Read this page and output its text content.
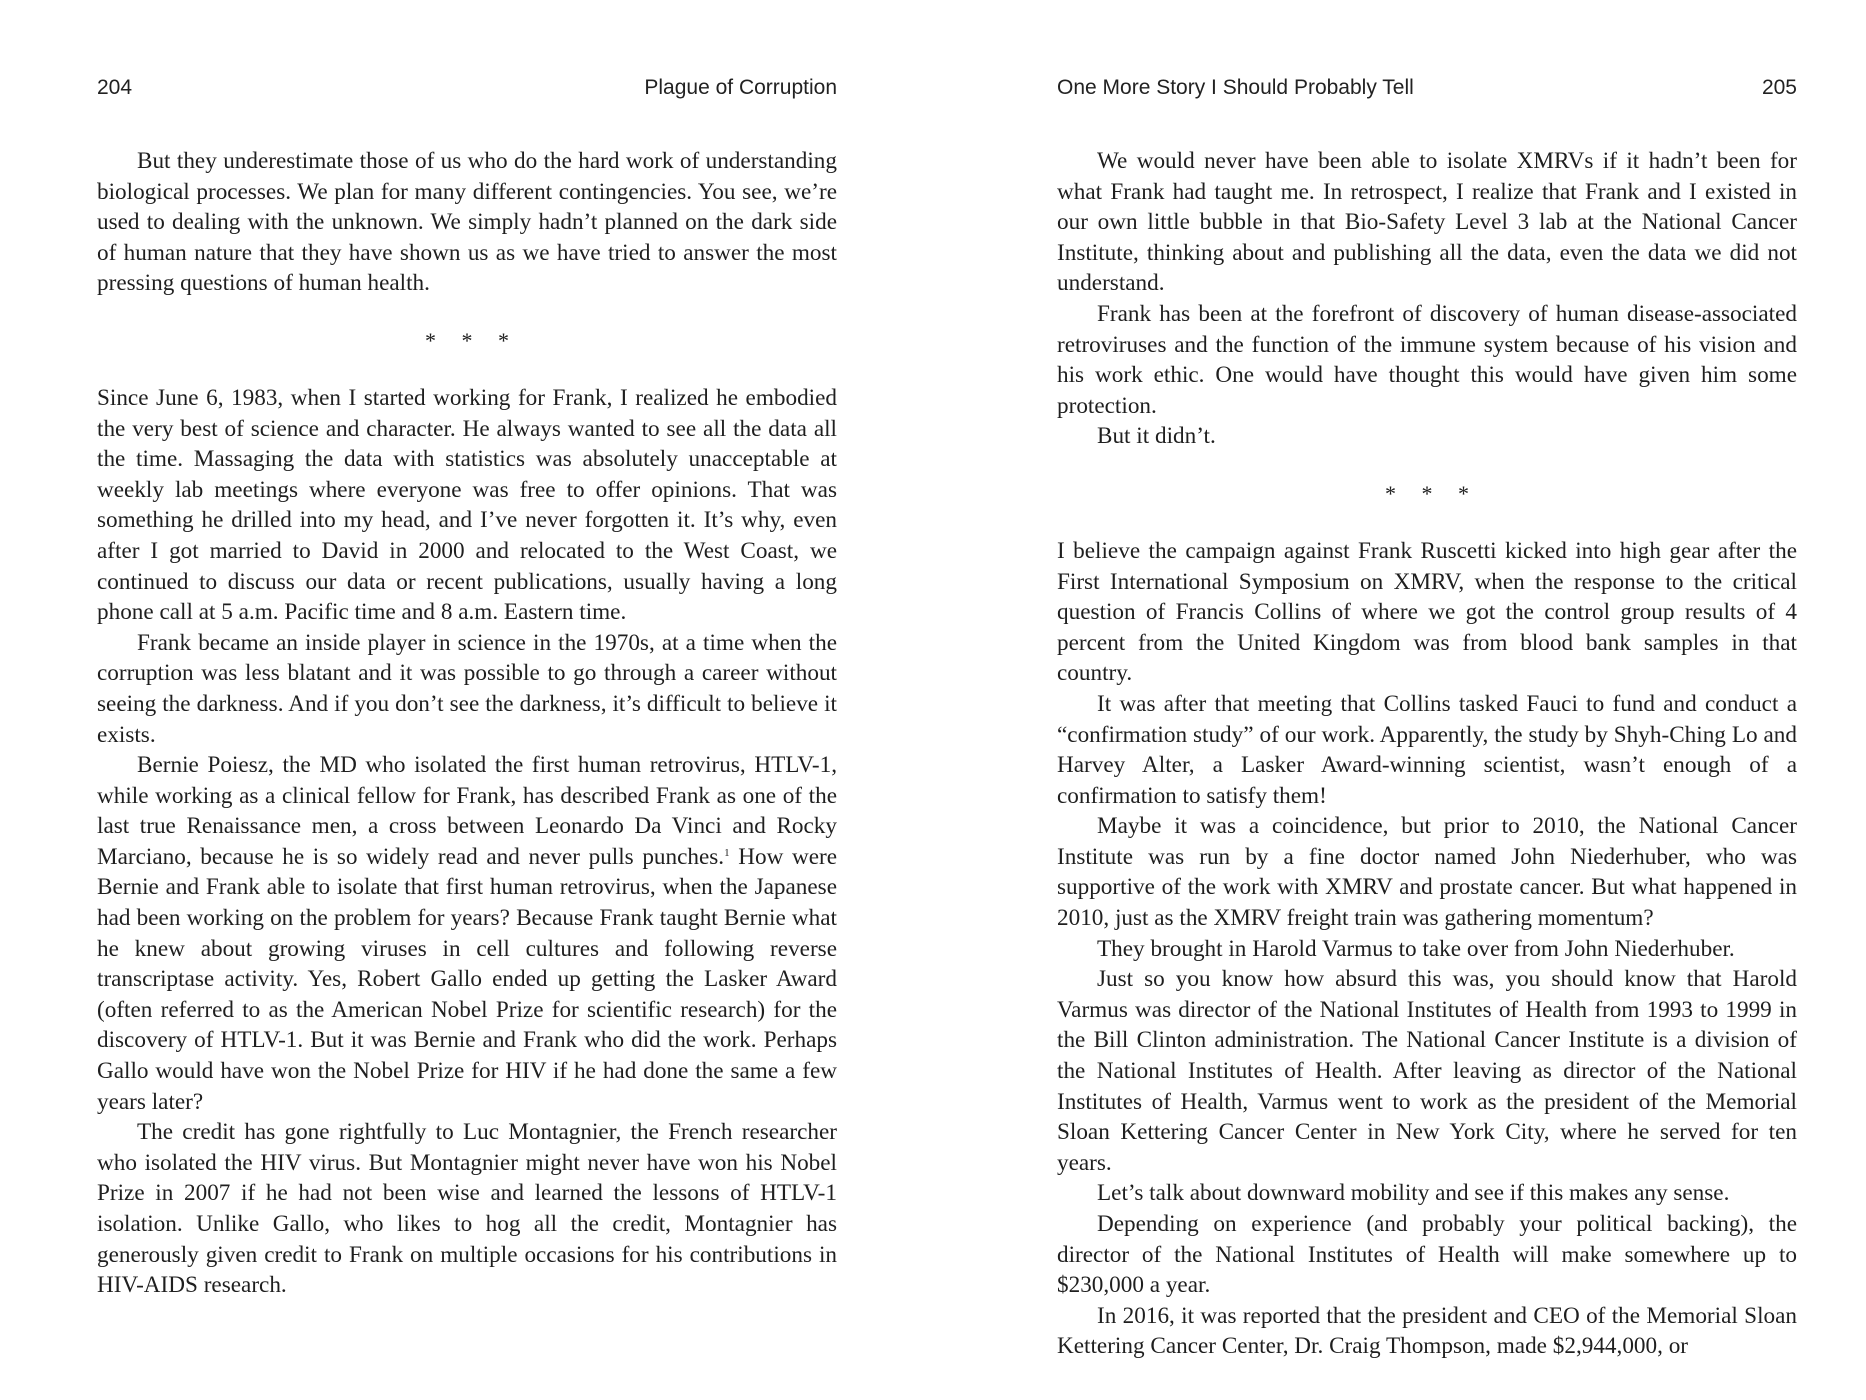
204	Plague of Corruption

But they underestimate those of us who do the hard work of understanding biological processes. We plan for many different contingencies. You see, we’re used to dealing with the unknown. We simply hadn’t planned on the dark side of human nature that they have shown us as we have tried to answer the most pressing questions of human health.

* * *

Since June 6, 1983, when I started working for Frank, I realized he embodied the very best of science and character. He always wanted to see all the data all the time. Massaging the data with statistics was absolutely unacceptable at weekly lab meetings where everyone was free to offer opinions. That was something he drilled into my head, and I’ve never forgotten it. It’s why, even after I got married to David in 2000 and relocated to the West Coast, we continued to discuss our data or recent publications, usually having a long phone call at 5 a.m. Pacific time and 8 a.m. Eastern time.

Frank became an inside player in science in the 1970s, at a time when the corruption was less blatant and it was possible to go through a career without seeing the darkness. And if you don’t see the darkness, it’s difficult to believe it exists.

Bernie Poiesz, the MD who isolated the first human retrovirus, HTLV-1, while working as a clinical fellow for Frank, has described Frank as one of the last true Renaissance men, a cross between Leonardo Da Vinci and Rocky Marciano, because he is so widely read and never pulls punches.$^1$ How were Bernie and Frank able to isolate that first human retrovirus, when the Japanese had been working on the problem for years? Because Frank taught Bernie what he knew about growing viruses in cell cultures and following reverse transcriptase activity. Yes, Robert Gallo ended up getting the Lasker Award (often referred to as the American Nobel Prize for scientific research) for the discovery of HTLV-1. But it was Bernie and Frank who did the work. Perhaps Gallo would have won the Nobel Prize for HIV if he had done the same a few years later?

The credit has gone rightfully to Luc Montagnier, the French researcher who isolated the HIV virus. But Montagnier might never have won his Nobel Prize in 2007 if he had not been wise and learned the lessons of HTLV-1 isolation. Unlike Gallo, who likes to hog all the credit, Montagnier has generously given credit to Frank on multiple occasions for his contributions in HIV-AIDS research.

One More Story I Should Probably Tell	205

We would never have been able to isolate XMRVs if it hadn’t been for what Frank had taught me. In retrospect, I realize that Frank and I existed in our own little bubble in that Bio-Safety Level 3 lab at the National Cancer Institute, thinking about and publishing all the data, even the data we did not understand.

Frank has been at the forefront of discovery of human disease-associated retroviruses and the function of the immune system because of his vision and his work ethic. One would have thought this would have given him some protection.

But it didn’t.

* * *

I believe the campaign against Frank Ruscetti kicked into high gear after the First International Symposium on XMRV, when the response to the critical question of Francis Collins of where we got the control group results of 4 percent from the United Kingdom was from blood bank samples in that country.

It was after that meeting that Collins tasked Fauci to fund and conduct a “confirmation study” of our work. Apparently, the study by Shyh-Ching Lo and Harvey Alter, a Lasker Award-winning scientist, wasn’t enough of a confirmation to satisfy them!

Maybe it was a coincidence, but prior to 2010, the National Cancer Institute was run by a fine doctor named John Niederhuber, who was supportive of the work with XMRV and prostate cancer. But what happened in 2010, just as the XMRV freight train was gathering momentum?

They brought in Harold Varmus to take over from John Niederhuber.

Just so you know how absurd this was, you should know that Harold Varmus was director of the National Institutes of Health from 1993 to 1999 in the Bill Clinton administration. The National Cancer Institute is a division of the National Institutes of Health. After leaving as director of the National Institutes of Health, Varmus went to work as the president of the Memorial Sloan Kettering Cancer Center in New York City, where he served for ten years.

Let’s talk about downward mobility and see if this makes any sense.

Depending on experience (and probably your political backing), the director of the National Institutes of Health will make somewhere up to $230,000 a year.

In 2016, it was reported that the president and CEO of the Memorial Sloan Kettering Cancer Center, Dr. Craig Thompson, made $2,944,000, or
